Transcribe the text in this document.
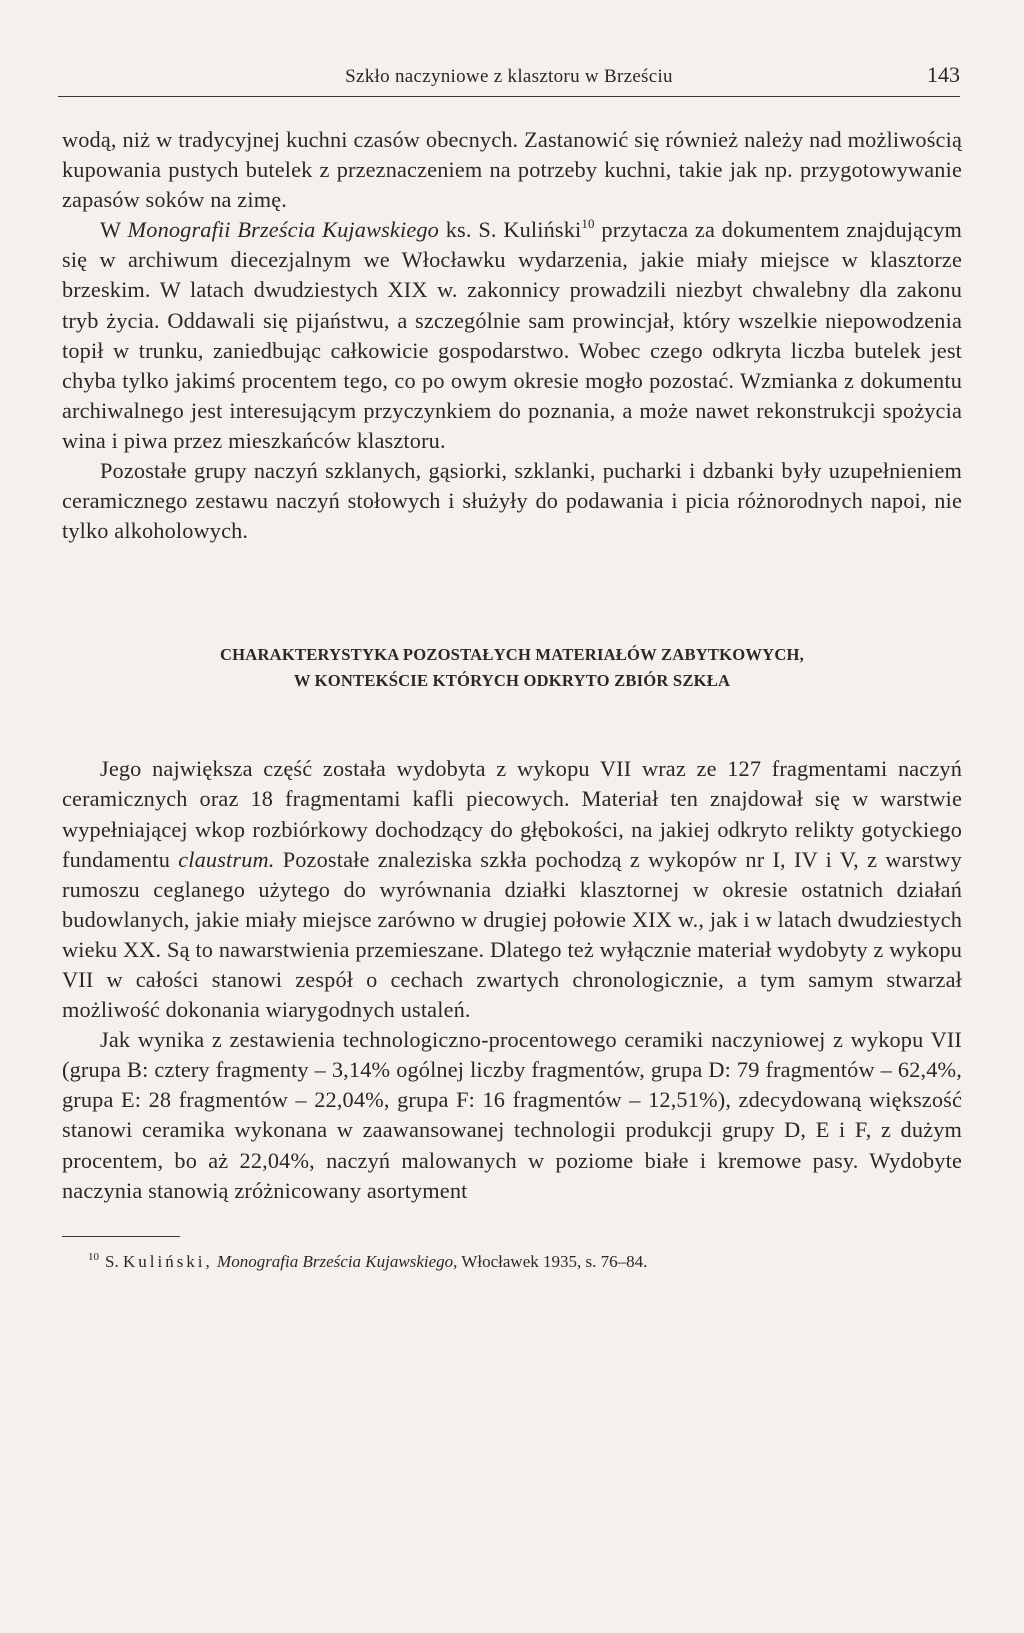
Szkło naczyniowe z klasztoru w Brześciu	143

wodą, niż w tradycyjnej kuchni czasów obecnych. Zastanowić się również należy nad możliwością kupowania pustych butelek z przeznaczeniem na potrzeby kuchni, takie jak np. przygotowywanie zapasów soków na zimę.

W Monografii Brześcia Kujawskiego ks. S. Kuliński$^{10}$ przytacza za dokumentem znajdującym się w archiwum diecezjalnym we Włocławku wydarzenia, jakie miały miejsce w klasztorze brzeskim. W latach dwudziestych XIX w. zakonnicy prowadzili niezbyt chwalebny dla zakonu tryb życia. Oddawali się pijaństwu, a szczególnie sam prowincjał, który wszelkie niepowodzenia topił w trunku, zaniedbując całkowicie gospodarstwo. Wobec czego odkryta liczba butelek jest chyba tylko jakimś procentem tego, co po owym okresie mogło pozostać. Wzmianka z dokumentu archiwalnego jest interesującym przyczynkiem do poznania, a może nawet rekonstrukcji spożycia wina i piwa przez mieszkańców klasztoru.

Pozostałe grupy naczyń szklanych, gąsiorki, szklanki, pucharki i dzbanki były uzupełnieniem ceramicznego zestawu naczyń stołowych i służyły do podawania i picia różnorodnych napoi, nie tylko alkoholowych.

CHARAKTERYSTYKA POZOSTAŁYCH MATERIAŁÓW ZABYTKOWYCH,
W KONTEKŚCIE KTÓRYCH ODKRYTO ZBIÓR SZKŁA

Jego największa część została wydobyta z wykopu VII wraz ze 127 fragmentami naczyń ceramicznych oraz 18 fragmentami kafli piecowych. Materiał ten znajdował się w warstwie wypełniającej wkop rozbiórkowy dochodzący do głębokości, na jakiej odkryto relikty gotyckiego fundamentu claustrum. Pozostałe znaleziska szkła pochodzą z wykopów nr I, IV i V, z warstwy rumoszu ceglanego użytego do wyrównania działki klasztornej w okresie ostatnich działań budowlanych, jakie miały miejsce zarówno w drugiej połowie XIX w., jak i w latach dwudziestych wieku XX. Są to nawarstwienia przemieszane. Dlatego też wyłącznie materiał wydobyty z wykopu VII w całości stanowi zespół o cechach zwartych chronologicznie, a tym samym stwarzał możliwość dokonania wiarygodnych ustaleń.

Jak wynika z zestawienia technologiczno-procentowego ceramiki naczyniowej z wykopu VII (grupa B: cztery fragmenty – 3,14% ogólnej liczby fragmentów, grupa D: 79 fragmentów – 62,4%, grupa E: 28 fragmentów – 22,04%, grupa F: 16 fragmentów – 12,51%), zdecydowaną większość stanowi ceramika wykonana w zaawansowanej technologii produkcji grupy D, E i F, z dużym procentem, bo aż 22,04%, naczyń malowanych w poziome białe i kremowe pasy. Wydobyte naczynia stanowią zróżnicowany asortyment

$^{10}$ S. Kuliński, Monografia Brześcia Kujawskiego, Włocławek 1935, s. 76–84.
